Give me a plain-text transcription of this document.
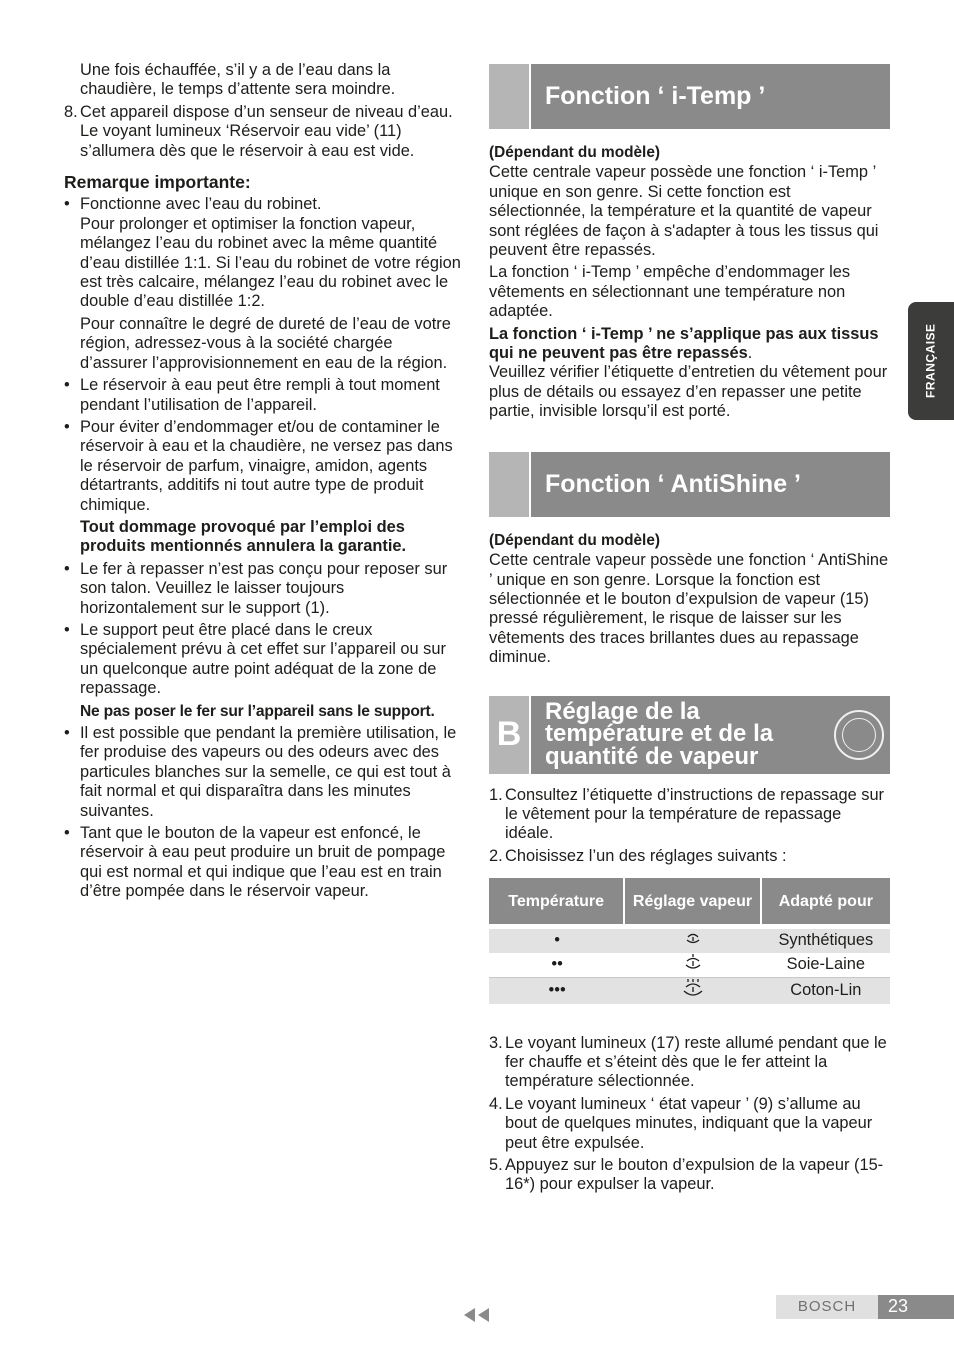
Une fois échauffée, s’il y a de l’eau dans la chaudière, le temps d’attente sera moindre.

8. Cet appareil dispose d’un senseur de niveau d’eau. Le voyant lumineux ‘Réservoir eau vide’ (11) s’allumera dès que le réservoir à eau est vide.
Remarque importante:
• Fonctionne avec l’eau du robinet.

Pour prolonger et optimiser la fonction vapeur, mélangez l’eau du robinet avec la même quantité d’eau distillée 1:1. Si l’eau du robinet de votre région est très calcaire, mélangez l’eau du robinet avec le double d’eau distillée 1:2.

Pour connaître le degré de dureté de l’eau de votre région, adressez-vous à la société chargée d’assurer l’approvisionnement en eau de la région.

• Le réservoir à eau peut être rempli à tout moment pendant l’utilisation de l’appareil.

• Pour éviter d’endommager et/ou de contaminer le réservoir à eau et la chaudière, ne versez pas dans le réservoir de parfum, vinaigre, amidon, agents détartrants, additifs ni tout autre type de produit chimique.

Tout dommage provoqué par l’emploi des produits mentionnés annulera la garantie.

• Le fer à repasser n’est pas conçu pour reposer sur son talon. Veuillez le laisser toujours horizontalement sur le support (1).

• Le support peut être placé dans le creux spécialement prévu à cet effet sur l’appareil ou sur un quelconque autre point adéquat de la zone de repassage.

Ne pas poser le fer sur l’appareil sans le support.

• Il est possible que pendant la première utilisation, le fer produise des vapeurs ou des odeurs avec des particules blanches sur la semelle, ce qui est tout à fait normal et qui disparaîtra dans les minutes suivantes.

• Tant que le bouton de la vapeur est enfoncé, le réservoir à eau peut produire un bruit de pompage qui est normal et qui indique que l’eau est en train d’être pompée dans le réservoir vapeur.

Fonction ‘ i-Temp ’
(Dépendant du modèle)

Cette centrale vapeur possède une fonction ‘ i-Temp ’ unique en son genre. Si cette fonction est sélectionnée, la température et la quantité de vapeur sont réglées de façon à s'adapter à tous les tissus qui peuvent être repassés.

La fonction ‘ i-Temp ’ empêche d’endommager les vêtements en sélectionnant une température non adaptée.

La fonction ‘ i-Temp ’ ne s’applique pas aux tissus qui ne peuvent pas être repassés.
Veuillez vérifier l’étiquette d’entretien du vêtement pour plus de détails ou essayez d’en repasser une petite partie, invisible lorsqu’il est porté.

Fonction ‘ AntiShine ’
(Dépendant du modèle)

Cette centrale vapeur possède une fonction ‘ AntiShine ’ unique en son genre. Lorsque la fonction est sélectionnée et le bouton d’expulsion de vapeur (15) pressé régulièrement, le risque de laisser sur les vêtements des traces brillantes dues au repassage diminue.

B
Réglage de la
température et de la
quantité de vapeur
1. Consultez l’étiquette d’instructions de repassage sur le vêtement pour la température de repassage idéale.
2. Choisissez l’un des réglages suivants :
Température	Réglage vapeur	Adapté pour

•		Synthétiques
••		Soie-Laine
•••		Coton-Lin
3. Le voyant lumineux (17) reste allumé pendant que le fer chauffe et s’éteint dès que le fer atteint la température sélectionnée.
4. Le voyant lumineux ‘ état vapeur ’ (9) s’allume au bout de quelques minutes, indiquant que la vapeur peut être expulsée.
5. Appuyez sur le bouton d’expulsion de la vapeur (15-16*) pour expulser la vapeur.
FRANÇAISE
BOSCH	23
